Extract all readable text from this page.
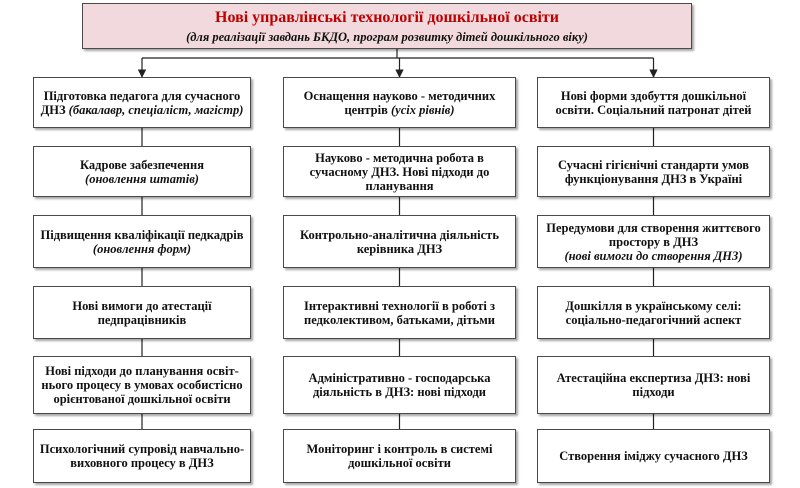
Нові управлінські технології дошкільної освіти
(для реалізації завдань БКДО, програм розвитку дітей дошкільного віку)
Підготовка педагога для сучасного ДНЗ (бакалавр, спеціаліст, магістр)
Кадрове забезпечення
(оновлення штатів)
Підвищення кваліфікації педкадрів (оновлення форм)
Нові вимоги до атестації педпрацівників
Нові підходи до планування освіт-нього процесу в умовах особистісно орієнтованої дошкільної освіти
Психологічний супровід навчально-виховного процесу в ДНЗ
Оснащення науково - методичних центрів (усіх рівнів)
Науково - методична робота в сучасному ДНЗ. Нові підходи до планування
Контрольно-аналітична діяльність керівника ДНЗ
Інтерактивні технології в роботі з педколективом, батьками, дітьми
Адміністративно - господарська діяльність в ДНЗ: нові підходи
Моніторинг і контроль в системі дошкільної освіти
Нові форми здобуття дошкільної освіти. Соціальний патронат дітей
Сучасні гігієнічні стандарти умов функціонування ДНЗ в Україні
Передумови для створення життєвого простору в ДНЗ
(нові вимоги до створення ДНЗ)
Дошкілля в українському селі: соціально-педагогічний аспект
Атестаційна експертиза ДНЗ: нові підходи
Створення іміджу сучасного ДНЗ
